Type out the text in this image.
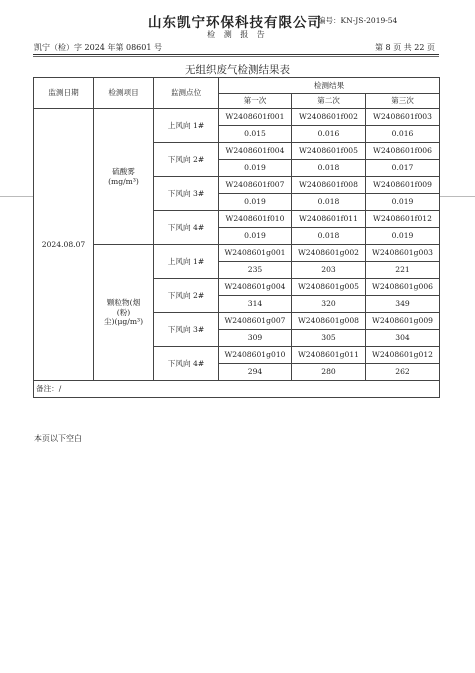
山东凯宁环保科技有限公司
编号：KN-JS-2019-54
检 测 报 告
凯宁（检）字 2024 年第 08601 号	第 8 页 共 22 页
无组织废气检测结果表
监测日期	检测项目	监测点位	检测结果		
			第一次	第二次	第三次
2024.08.07	硫酸雾
(mg/m³)	上风向 1#	W2408601f001	W2408601f002	W2408601f003
			0.015	0.016	0.016
		下风向 2#	W2408601f004	W2408601f005	W2408601f006
			0.019	0.018	0.017
		下风向 3#	W2408601f007	W2408601f008	W2408601f009
			0.019	0.018	0.019
		下风向 4#	W2408601f010	W2408601f011	W2408601f012
			0.019	0.018	0.019
	颗粒物(烟
(粉)
尘)(μg/m³)	上风向 1#	W2408601g001	W2408601g002	W2408601g003
			235	203	221
		下风向 2#	W2408601g004	W2408601g005	W2408601g006
			314	320	349
		下风向 3#	W2408601g007	W2408601g008	W2408601g009
			309	305	304
		下风向 4#	W2408601g010	W2408601g011	W2408601g012
			294	280	262
备注：/					
本页以下空白
